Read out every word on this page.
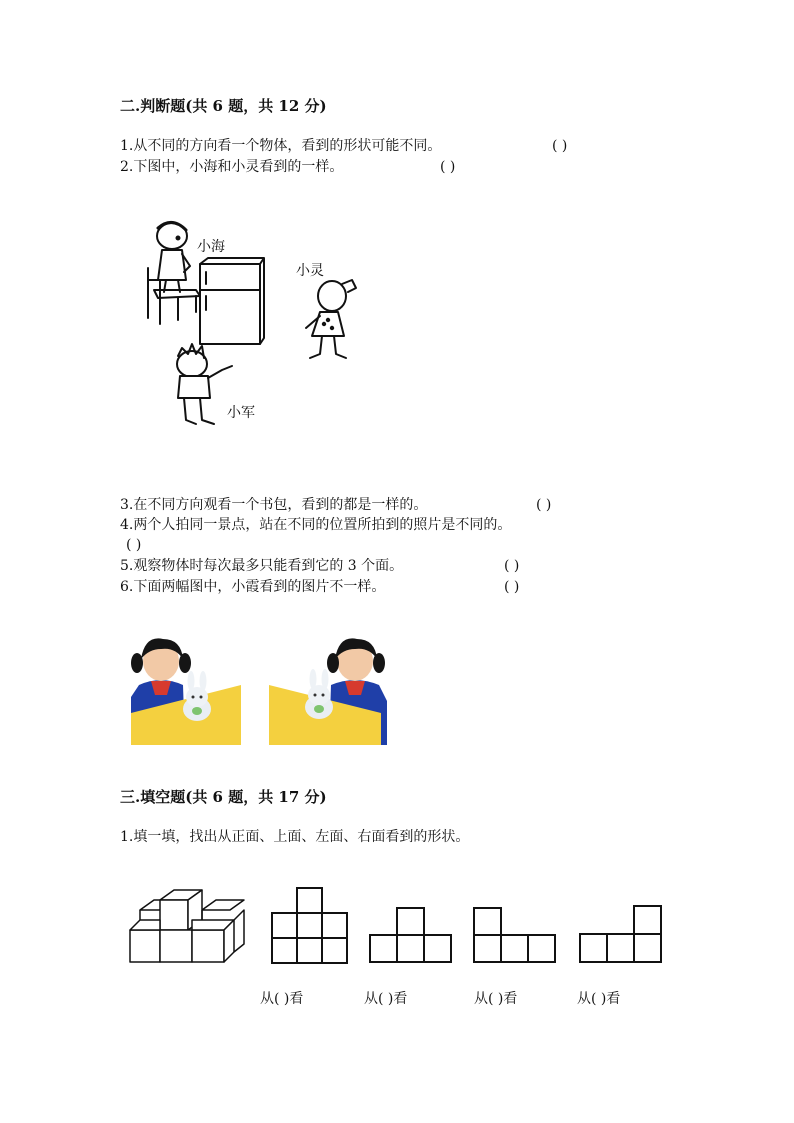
二.判断题(共 6 题，共 12 分)
1.从不同的方向看一个物体，看到的形状可能不同。	( )
2.下图中，小海和小灵看到的一样。	( )
小海
小灵
小军
3.在不同方向观看一个书包，看到的都是一样的。	( )
4.两个人拍同一景点，站在不同的位置所拍到的照片是不同的。
( )
5.观察物体时每次最多只能看到它的 3 个面。	( )
6.下面两幅图中，小霞看到的图片不一样。	( )
三.填空题(共 6 题，共 17 分)
1.填一填，找出从正面、上面、左面、右面看到的形状。
从( )看	从( )看	从( )看	从( )看
